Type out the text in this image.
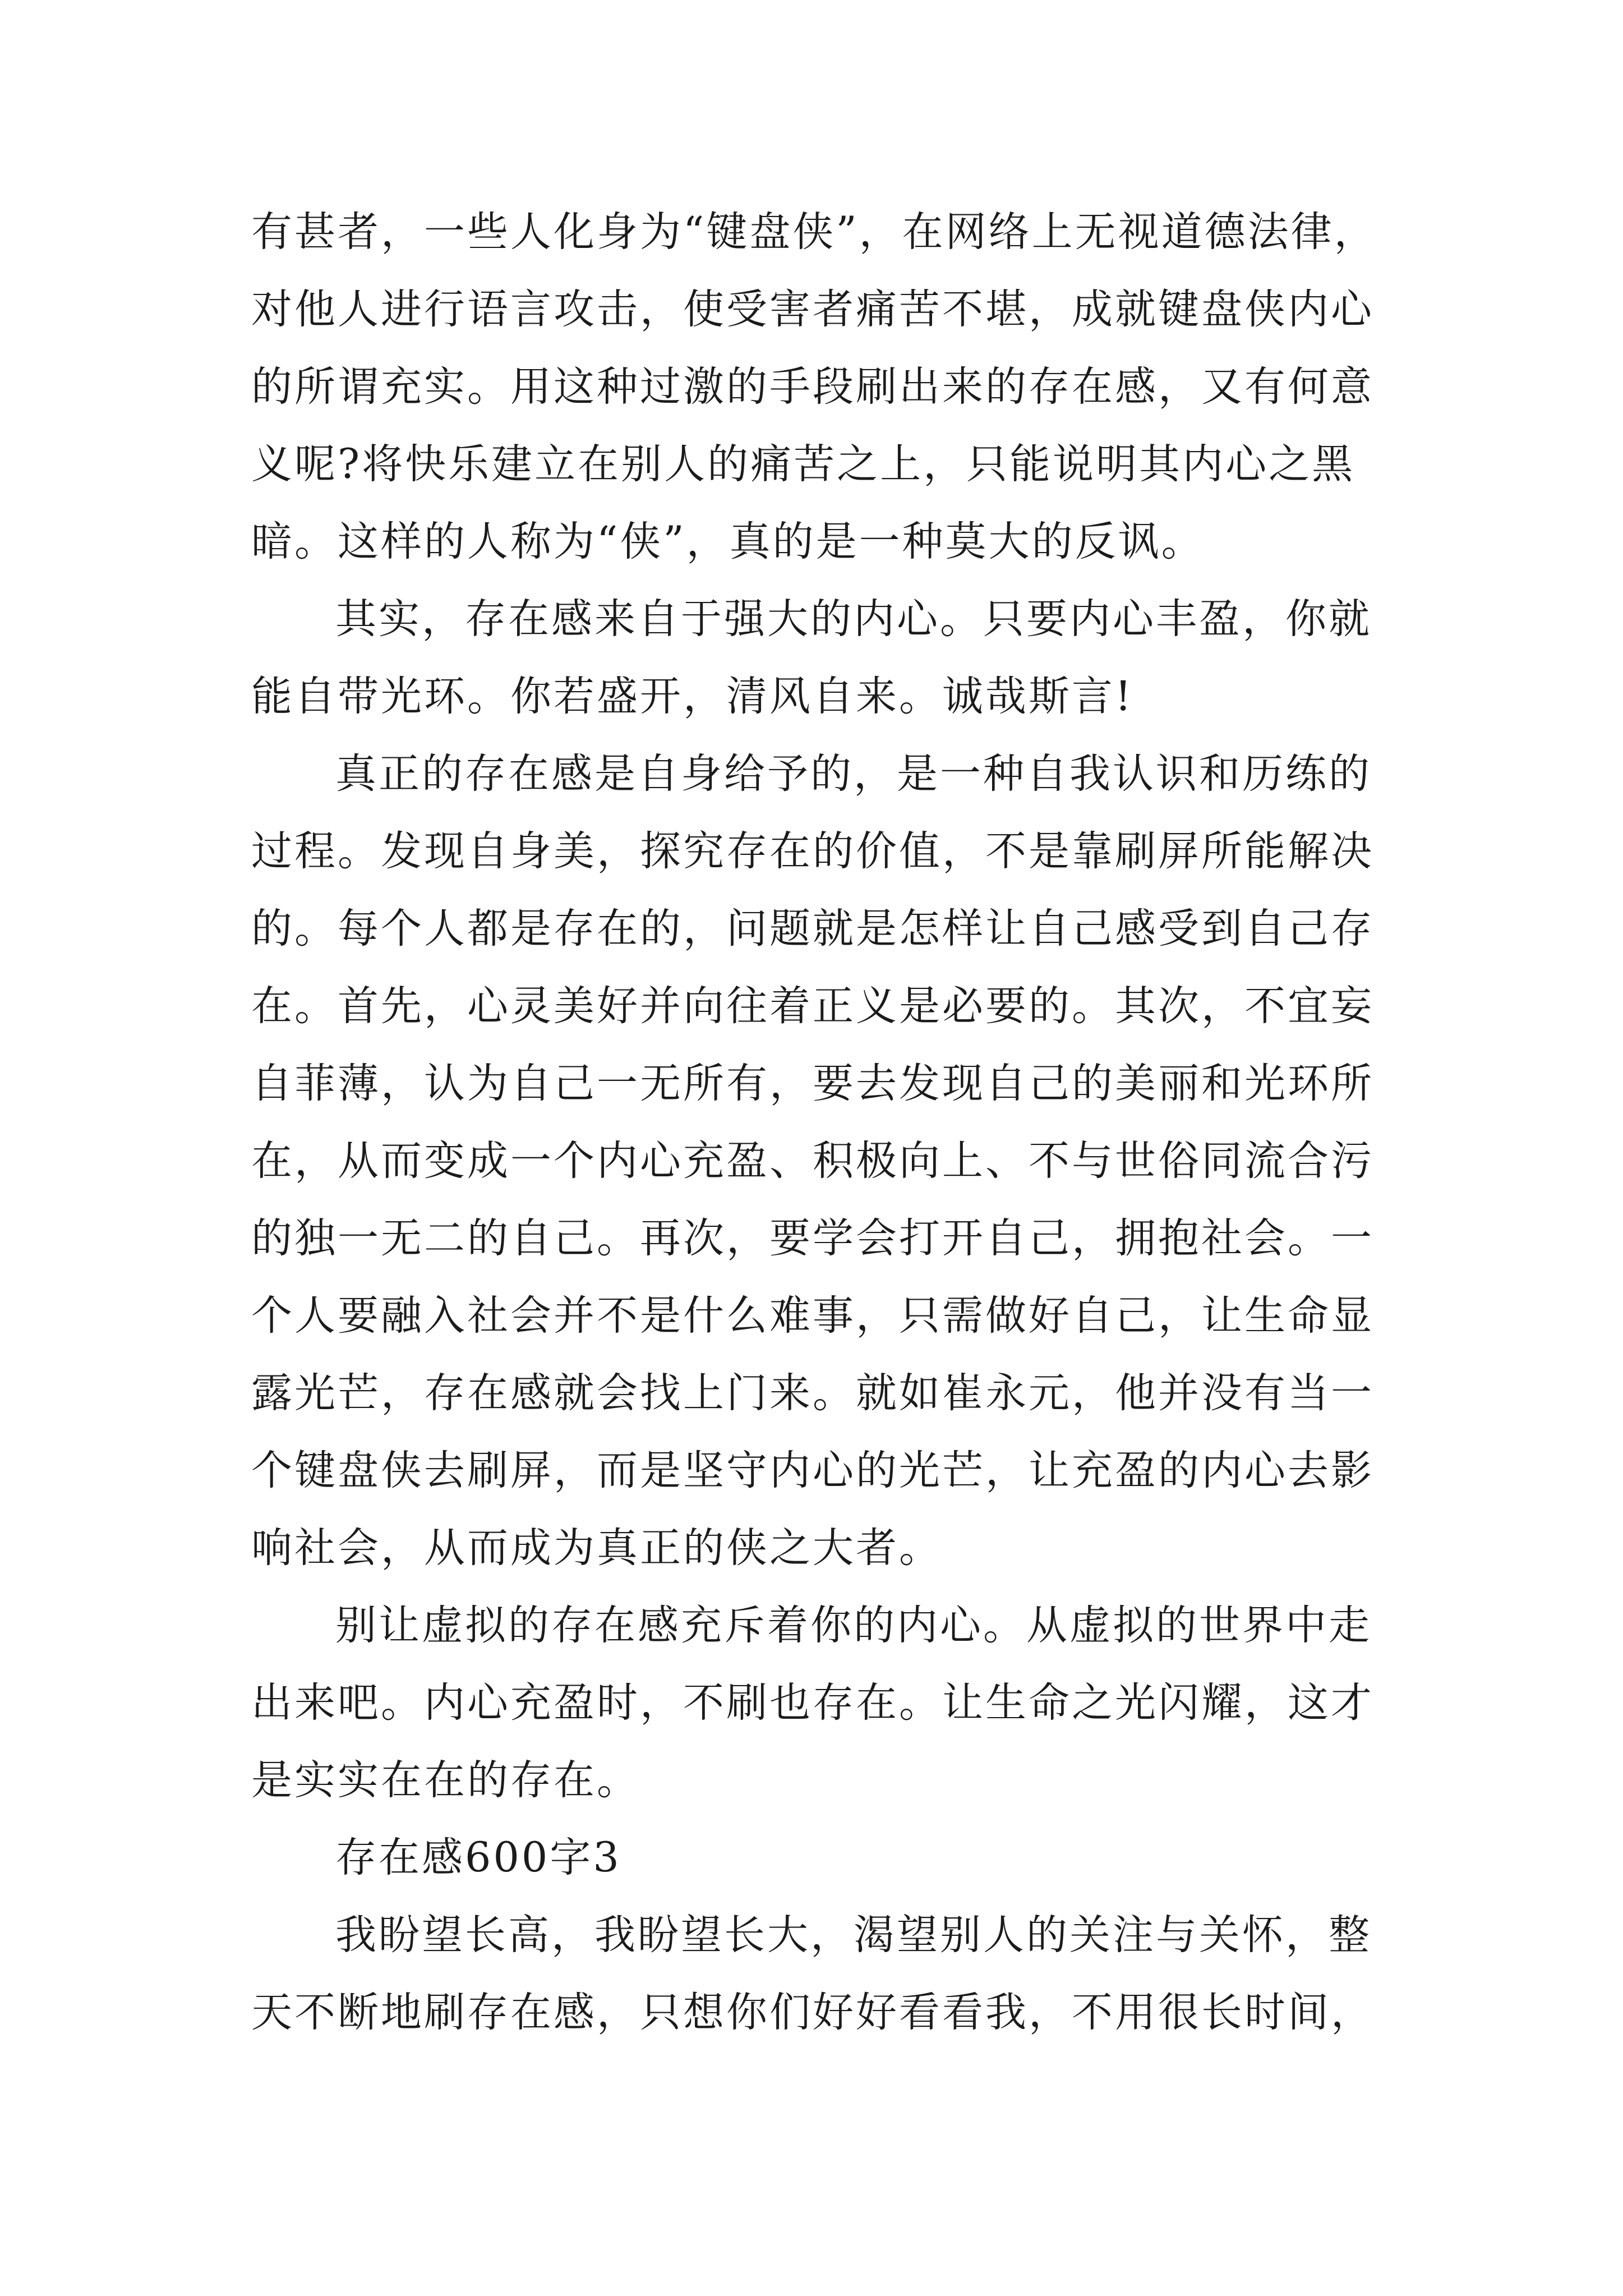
有甚者，一些人化身为“键盘侠”，在网络上无视道德法律，
对他人进行语言攻击，使受害者痛苦不堪，成就键盘侠内心
的所谓充实。用这种过激的手段刷出来的存在感，又有何意
义呢?将快乐建立在别人的痛苦之上，只能说明其内心之黑
暗。这样的人称为“侠”，真的是一种莫大的反讽。
其实，存在感来自于强大的内心。只要内心丰盈，你就
能自带光环。你若盛开，清风自来。诚哉斯言!
真正的存在感是自身给予的，是一种自我认识和历练的
过程。发现自身美，探究存在的价值，不是靠刷屏所能解决
的。每个人都是存在的，问题就是怎样让自己感受到自己存
在。首先，心灵美好并向往着正义是必要的。其次，不宜妄
自菲薄，认为自己一无所有，要去发现自己的美丽和光环所
在，从而变成一个内心充盈、积极向上、不与世俗同流合污
的独一无二的自己。再次，要学会打开自己，拥抱社会。一
个人要融入社会并不是什么难事，只需做好自己，让生命显
露光芒，存在感就会找上门来。就如崔永元，他并没有当一
个键盘侠去刷屏，而是坚守内心的光芒，让充盈的内心去影
响社会，从而成为真正的侠之大者。
别让虚拟的存在感充斥着你的内心。从虚拟的世界中走
出来吧。内心充盈时，不刷也存在。让生命之光闪耀，这才
是实实在在的存在。
存在感600字3
我盼望长高，我盼望长大，渴望别人的关注与关怀，整
天不断地刷存在感，只想你们好好看看我，不用很长时间，
